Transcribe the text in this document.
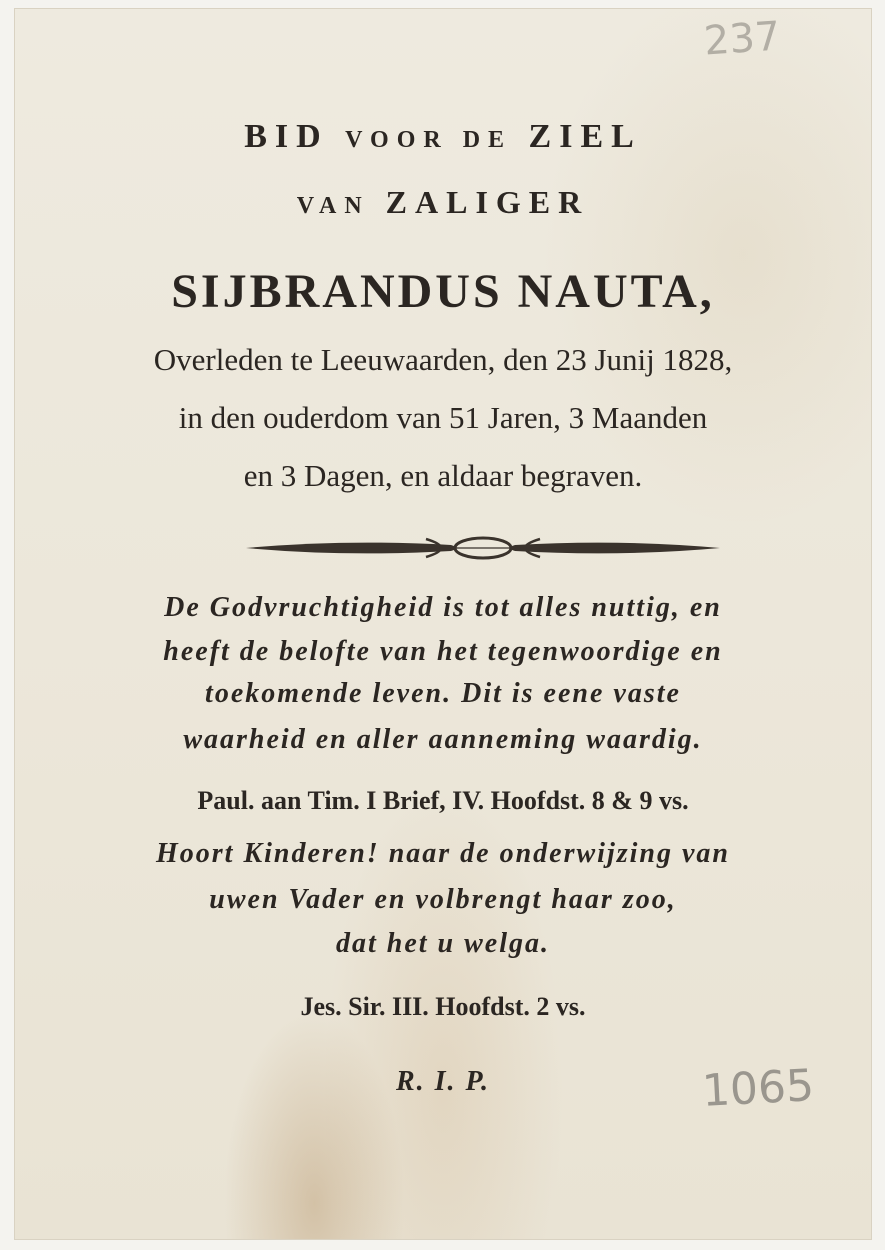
237
BID VOOR DE ZIEL
VAN ZALIGER
SIJBRANDUS NAUTA,
Overleden te Leeuwaarden, den 23 Junij 1828,
in den ouderdom van 51 Jaren, 3 Maanden
en 3 Dagen, en aldaar begraven.
De Godvruchtigheid is tot alles nuttig, en
heeft de belofte van het tegenwoordige en
toekomende leven. Dit is eene vaste
waarheid en aller aanneming waardig.
Paul. aan Tim. I Brief, IV. Hoofdst. 8 & 9 vs.
Hoort Kinderen! naar de onderwijzing van
uwen Vader en volbrengt haar zoo,
dat het u welga.
Jes. Sir. III. Hoofdst. 2 vs.
R. I. P.	1065
